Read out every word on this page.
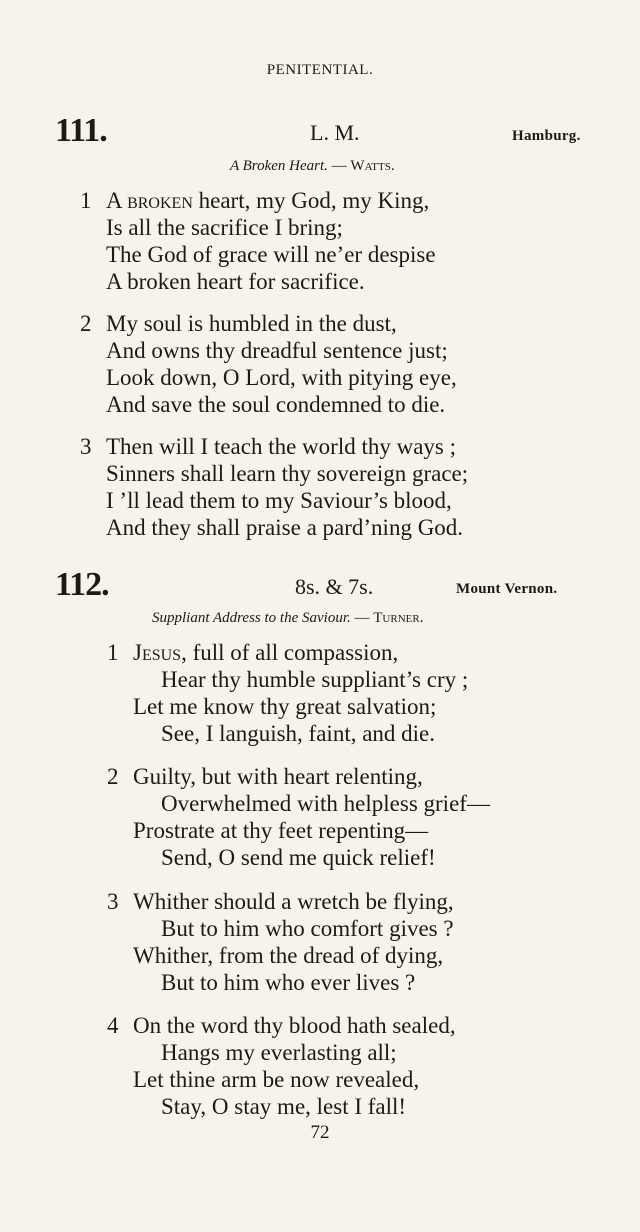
PENITENTIAL.
111.	L. M.	Hamburg.
A Broken Heart. — Watts.
1 A broken heart, my God, my King,
Is all the sacrifice I bring;
The God of grace will ne’er despise
A broken heart for sacrifice.
2 My soul is humbled in the dust,
And owns thy dreadful sentence just;
Look down, O Lord, with pitying eye,
And save the soul condemned to die.
3 Then will I teach the world thy ways ;
Sinners shall learn thy sovereign grace;
I ’ll lead them to my Saviour’s blood,
And they shall praise a pard’ning God.
112.	8s. & 7s.	Mount Vernon.
Suppliant Address to the Saviour. — Turner.
1 Jesus, full of all compassion,
Hear thy humble suppliant’s cry ;
Let me know thy great salvation;
See, I languish, faint, and die.
2 Guilty, but with heart relenting,
Overwhelmed with helpless grief—
Prostrate at thy feet repenting—
Send, O send me quick relief!
3 Whither should a wretch be flying,
But to him who comfort gives ?
Whither, from the dread of dying,
But to him who ever lives ?
4 On the word thy blood hath sealed,
Hangs my everlasting all;
Let thine arm be now revealed,
Stay, O stay me, lest I fall!
72
